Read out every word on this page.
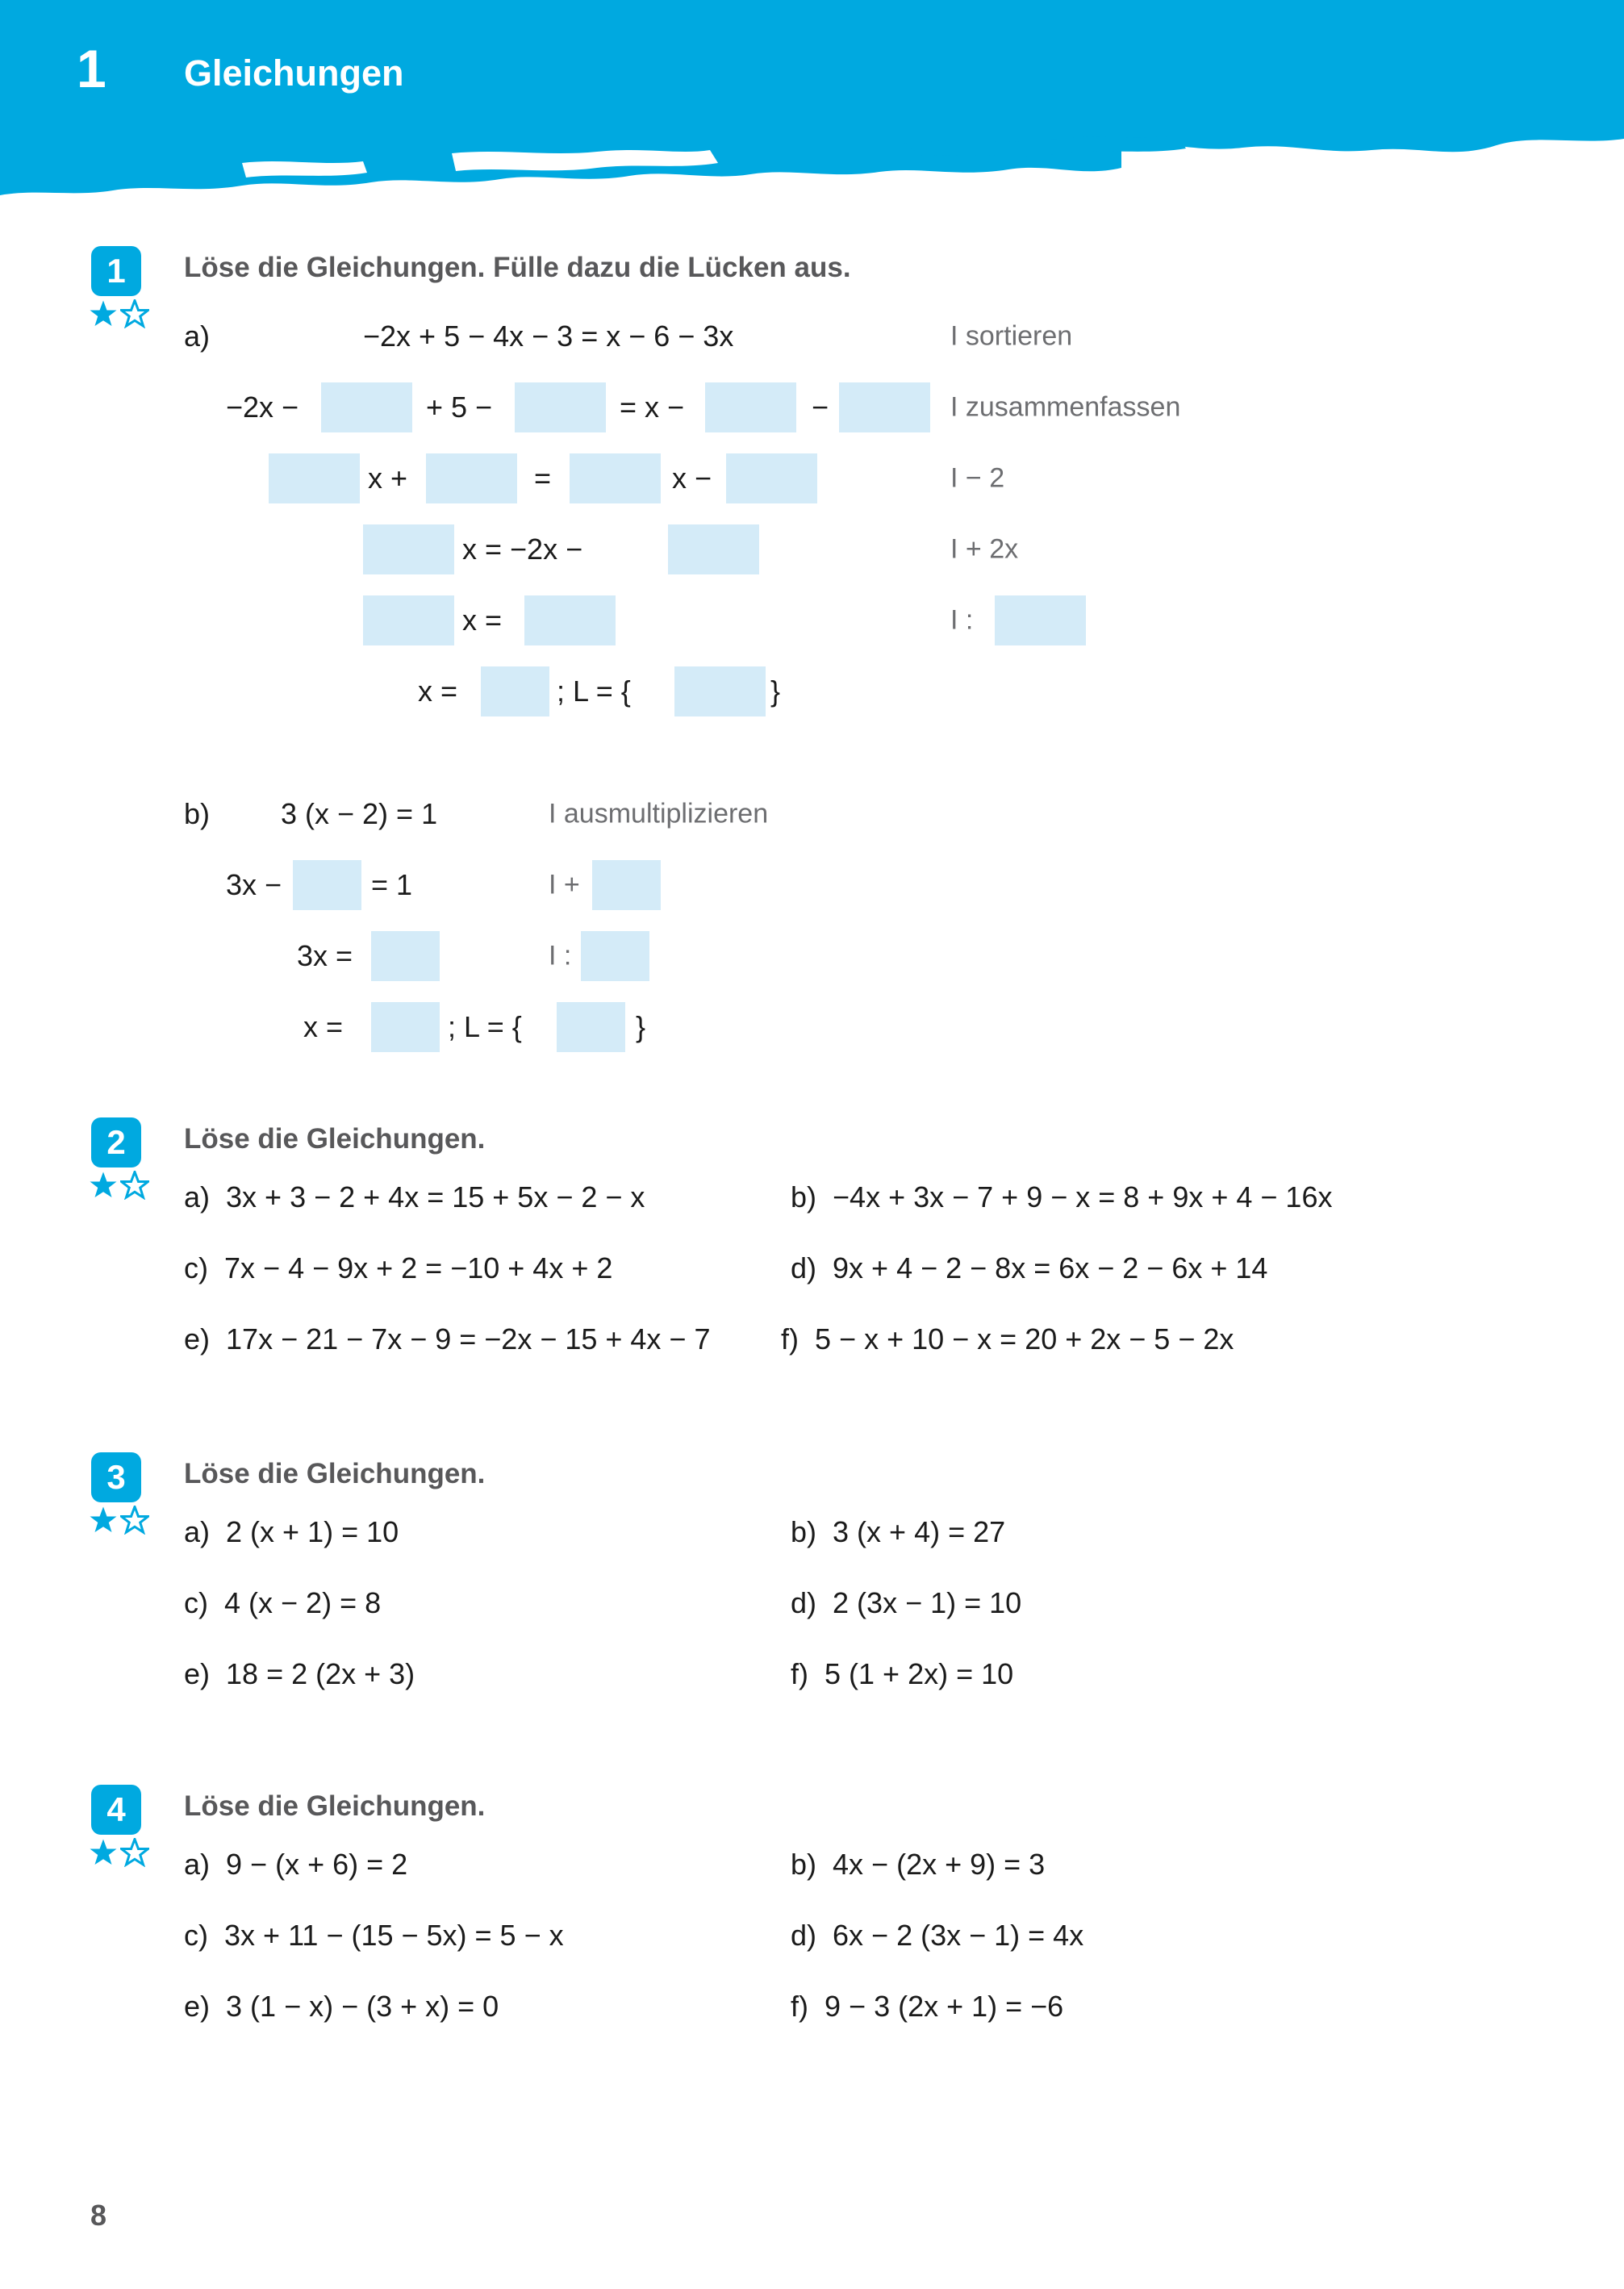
1 Gleichungen
1	Löse die Gleichungen. Fülle dazu die Lücken aus.
a)	−2x + 5 − 4x − 3 = x − 6 − 3x	I sortieren
−2x −	+ 5 −	= x −	−	I zusammenfassen
x +	=	x −	I − 2
x = −2x −	I + 2x
x =	I :
x =	; L = {	}
b) 3 (x − 2) = 1	I ausmultiplizieren
3x −	= 1	I +
3x =	I :
x =	; L = {	}
2	Löse die Gleichungen.
a)  3x + 3 − 2 + 4x = 15 + 5x − 2 − x	b)  −4x + 3x − 7 + 9 − x = 8 + 9x + 4 − 16x
c)  7x − 4 − 9x + 2 = −10 + 4x + 2	d)  9x + 4 − 2 − 8x = 6x − 2 − 6x + 14
e)  17x − 21 − 7x − 9 = −2x − 15 + 4x − 7 f)  5 − x + 10 − x = 20 + 2x − 5 − 2x
3	Löse die Gleichungen.
a)  2 (x + 1) = 10	b)  3 (x + 4) = 27
c)  4 (x − 2) = 8	d)  2 (3x − 1) = 10
e)  18 = 2 (2x + 3)	f)  5 (1 + 2x) = 10
4	Löse die Gleichungen.
a)  9 − (x + 6) = 2	b)  4x − (2x + 9) = 3
c)  3x + 11 − (15 − 5x) = 5 − x	d)  6x − 2 (3x − 1) = 4x
e)  3 (1 − x) − (3 + x) = 0	f)  9 − 3 (2x + 1) = −6
8
